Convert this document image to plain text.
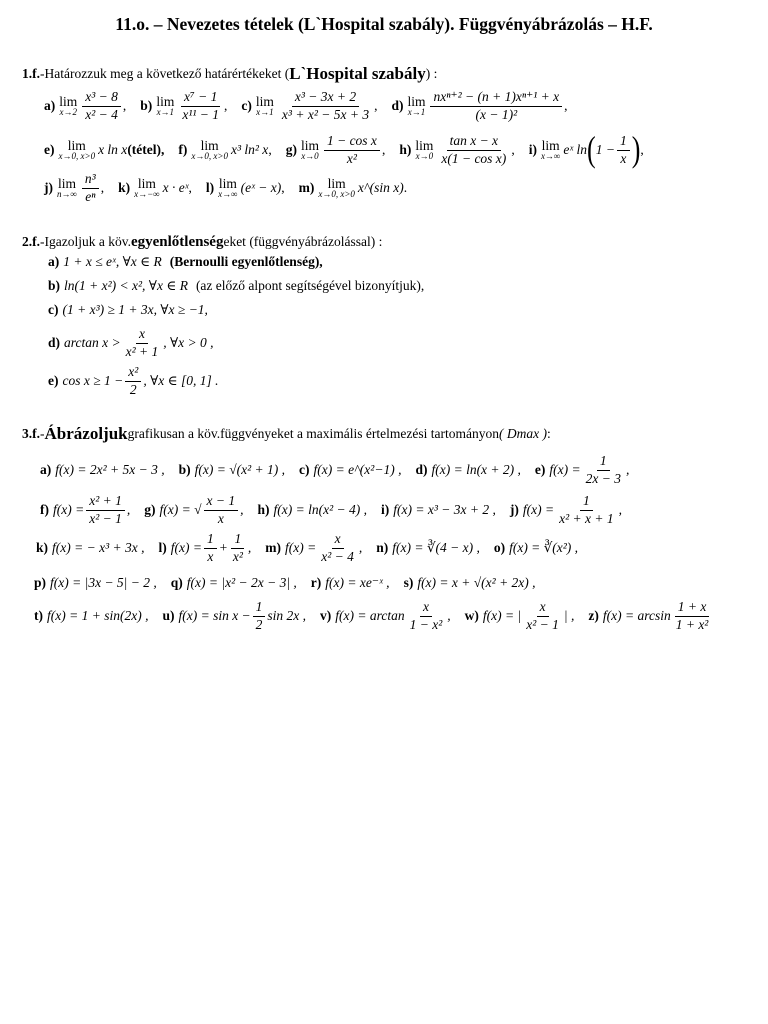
11.o. – Nevezetes tételek (L`Hospital szabály). Függvényábrázolás – H.F.
1.f. -Határozzuk meg a következő határértékeket ( L`Hospital szabály ) :
a) lim
$x\to 2 \frac{\text{x³ − 8}}{\text{x² − 4}}$ , b) lim
$x\to 1 \frac{\text{x⁷ − 1}}{\text{x¹¹ − 1}}$ , c) lim
$x\to 1 \frac{\text{x³ − 3x + 2}}{\text{x³ + x² − 5x + 3}}$ , d) lim
$x\to 1 \frac{\text{nxⁿ⁺² − (n + 1)xⁿ⁺¹ + x}}{\text{(x − 1)²}}$ ,
e) lim
x→0, x>0 x ln x (tétel), f) lim
x→0, x>0 x³ ln² x , g) lim
$x\to 0 \frac{\text{1 − cos x}}{\text{x²}}$ , h) lim
$x\to 0 \frac{\text{tan x − x}}{\text{x(1 − cos x)}}$ , i) lim
x→∞ eˣ ln ( $1 - \frac{1}{x}$ ) ,
j) lim
$n\to\infty \frac{\text{n³}}{\text{eⁿ}}$ , k) lim
x→−∞ x · eˣ , l) lim
x→∞ (eˣ − x) , m) lim
x→0, x>0 x^(sin x) .
2.f. -Igazoljuk a köv. egyenlőtlenség eket (függvényábrázolással) :
a) 1 + x ≤ eˣ, ∀x ∈ R (Bernoulli egyenlőtlenség),
b) ln(1 + x²) < x², ∀x ∈ R (az előző alpont segítségével bizonyítjuk),
c) (1 + x³) ≥ 1 + 3x, ∀x ≥ −1,
d) $\arctan x > \frac{x}{\text{x² + 1}}$ , ∀x > 0 ,
e) $\cos x \ge 1 - \frac{\text{x²}}{2}$ , ∀x ∈ [0, 1] .
3.f. - Ábrázoljuk grafikusan a köv.függvényeket a maximális értelmezési tartományon ( Dmax ) :
a) f(x) = 2x² + 5x − 3 , b) f(x) = √(x² + 1) , c) f(x) = e^(x²−1) , d) f(x) = ln(x + 2) , e) $f(x) = \frac{1}{2x - 3}$ ,
f) $f(x) = \frac{\text{x² + 1}}{\text{x² − 1}}$ , g) f(x) = √ $\frac{x - 1}{x}$ , h) f(x) = ln(x² − 4) , i) f(x) = x³ − 3x + 2 , j) $f(x) = \frac{1}{\text{x² + x + 1}}$ ,
k) f(x) = − x³ + 3x , l) $f(x) = \frac{1}{x} + \frac{1}{\text{x²}}$ , m) $f(x) = \frac{x}{\text{x² − 4}}$ , n) f(x) = ∛(4 − x) , o) f(x) = ∛(x²) ,
p) f(x) = |3x − 5| − 2 , q) f(x) = |x² − 2x − 3| , r) f(x) = xe⁻ˣ , s) f(x) = x + √(x² + 2x) ,
t) f(x) = 1 + sin(2x) , u) $f(x) = \sin x - \frac{1}{2}$ sin 2x , v) $f(x) = \arctan \frac{x}{\text{1 − x²}}$ , w) f(x) = | $\frac{x}{\text{x² − 1}}$ | , z) $f(x) = \arcsin \frac{1 + x}{\text{1 + x²}}$
